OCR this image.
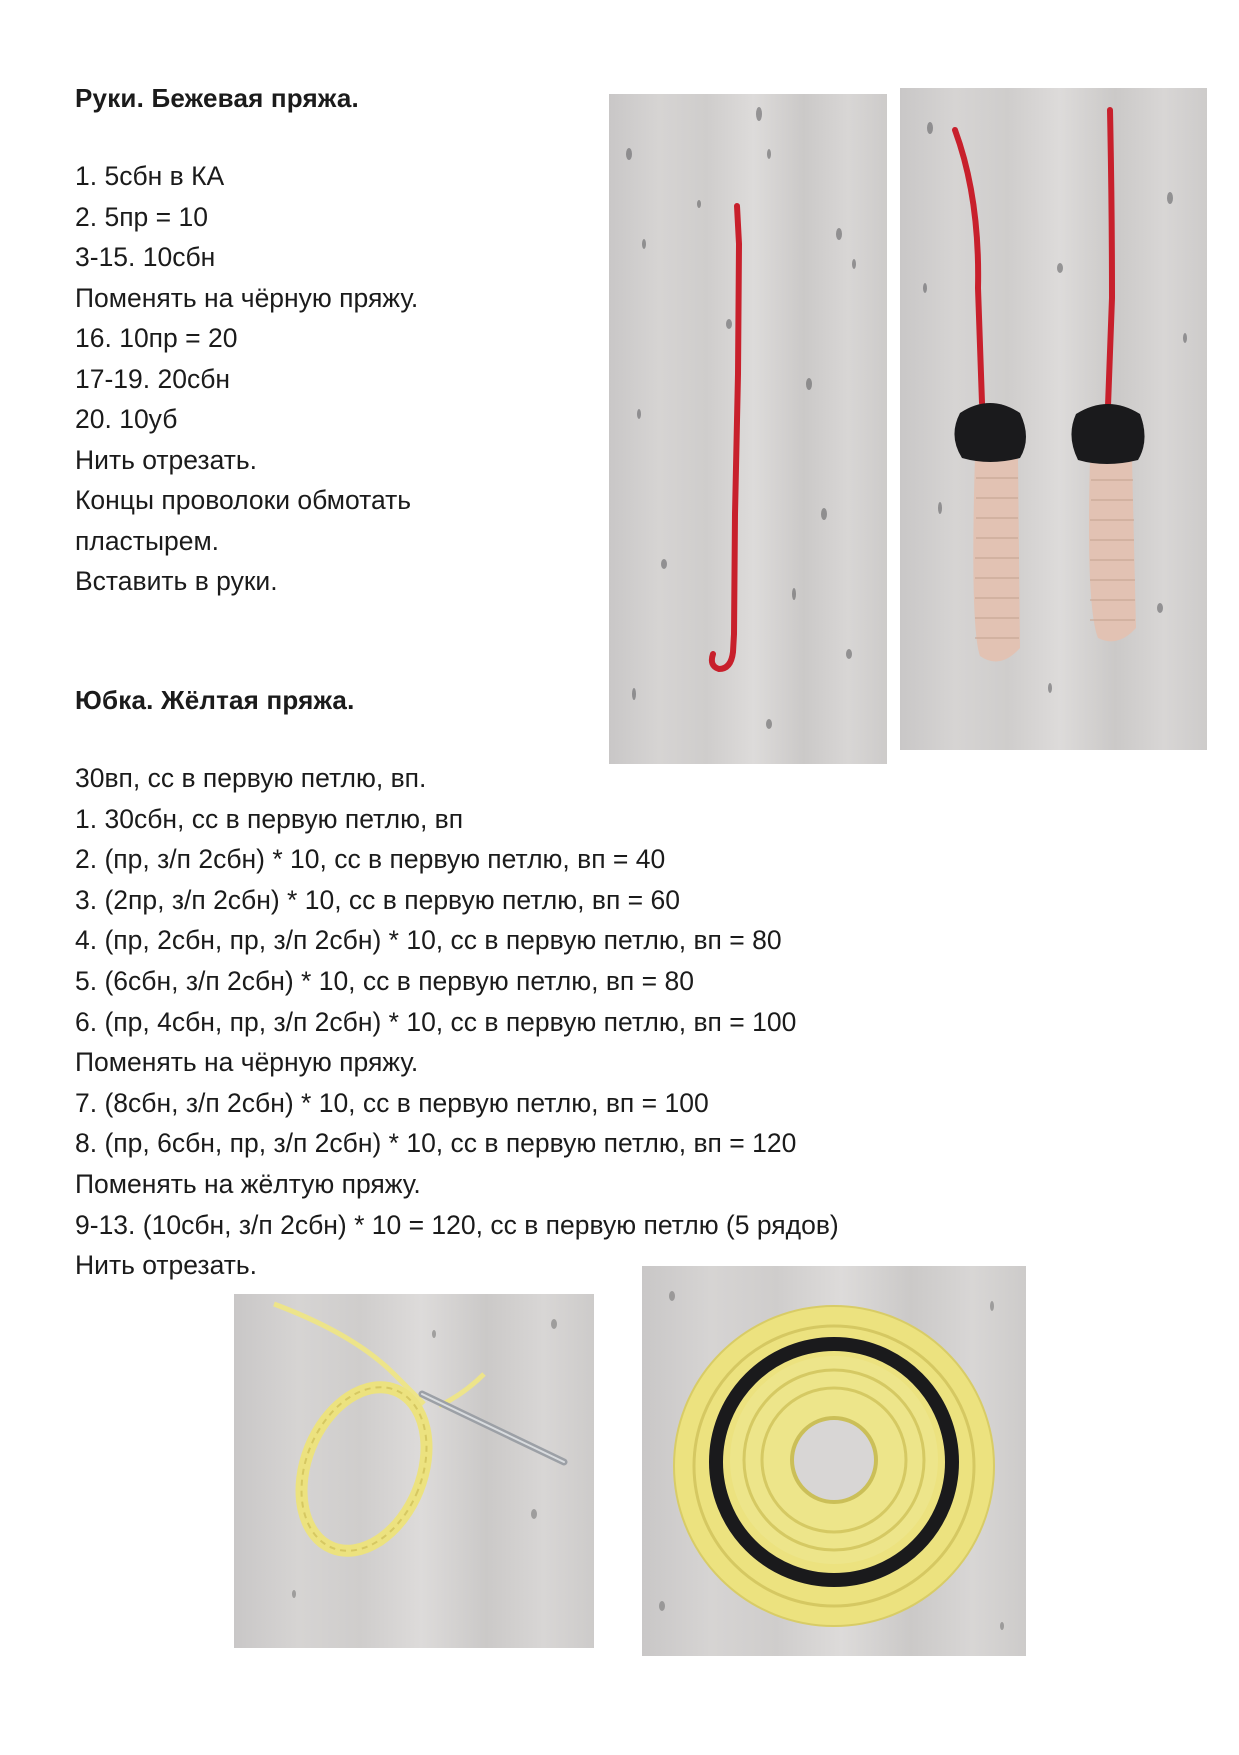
Руки. Бежевая пряжа.
1. 5сбн в КА
2. 5пр = 10
3-15. 10сбн
Поменять на чёрную пряжу.
16. 10пр = 20
17-19. 20сбн
20. 10уб
Нить отрезать.
Концы проволоки обмотать
пластырем.
Вставить в руки.
Юбка. Жёлтая пряжа.
30вп, сс в первую петлю, вп.
1. 30сбн, сс в первую петлю, вп
2. (пр, з/п 2сбн) * 10, сс в первую петлю, вп = 40
3. (2пр, з/п 2сбн) * 10, сс в первую петлю, вп = 60
4. (пр, 2сбн, пр, з/п 2сбн) * 10, сс в первую петлю, вп = 80
5. (6сбн, з/п 2сбн) * 10, сс в первую петлю, вп = 80
6. (пр, 4сбн, пр, з/п 2сбн) * 10, сс в первую петлю, вп = 100
Поменять на чёрную пряжу.
7. (8сбн, з/п 2сбн) * 10, сс в первую петлю, вп = 100
8. (пр, 6сбн, пр, з/п 2сбн) * 10, сс в первую петлю, вп = 120
Поменять на жёлтую пряжу.
9-13. (10сбн, з/п 2сбн) * 10 = 120, сс в первую петлю (5 рядов)
Нить отрезать.
